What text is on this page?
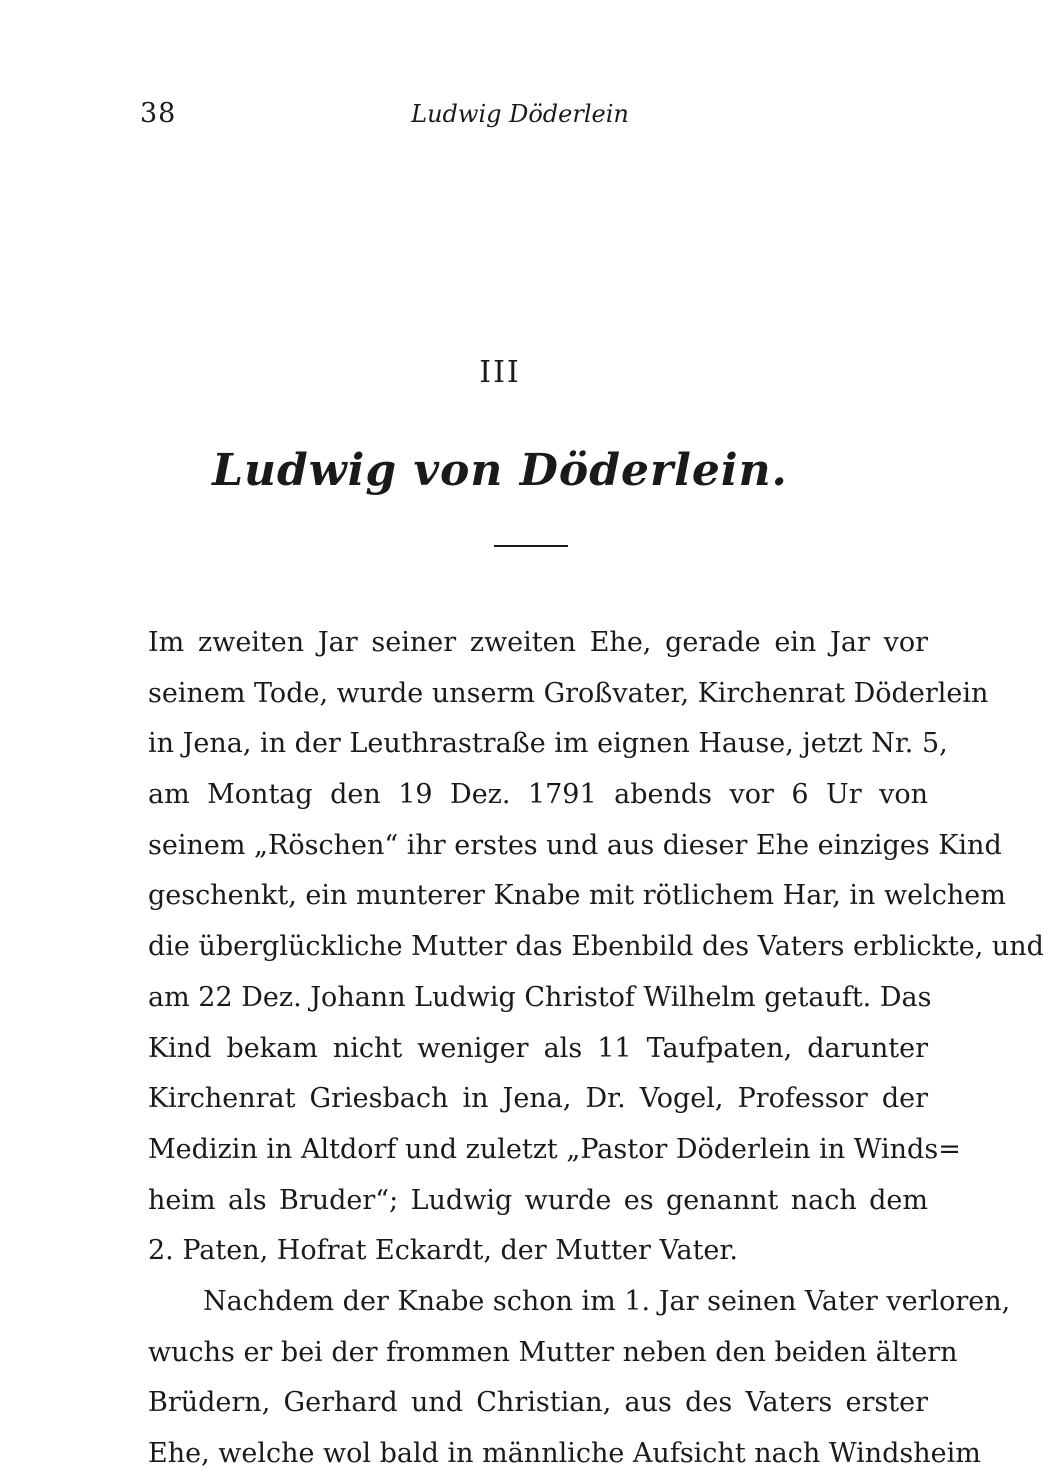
38	Ludwig Döderlein
III
Ludwig von Döderlein.
Im zweiten Jar seiner zweiten Ehe, gerade ein Jar vor
seinem Tode, wurde unserm Großvater, Kirchenrat Döderlein
in Jena, in der Leuthrastraße im eignen Hause, jetzt Nr. 5,
am Montag den 19 Dez. 1791 abends vor 6 Ur von
seinem „Röschen“ ihr erstes und aus dieser Ehe einziges Kind
geschenkt, ein munterer Knabe mit rötlichem Har, in welchem
die überglückliche Mutter das Ebenbild des Vaters erblickte, und
am 22 Dez. Johann Ludwig Christof Wilhelm getauft. Das
Kind bekam nicht weniger als 11 Taufpaten, darunter
Kirchenrat Griesbach in Jena, Dr. Vogel, Professor der
Medizin in Altdorf und zuletzt „Pastor Döderlein in Winds=
heim als Bruder“; Ludwig wurde es genannt nach dem
2. Paten, Hofrat Eckardt, der Mutter Vater.
Nachdem der Knabe schon im 1. Jar seinen Vater verloren,
wuchs er bei der frommen Mutter neben den beiden ältern
Brüdern, Gerhard und Christian, aus des Vaters erster
Ehe, welche wol bald in männliche Aufsicht nach Windsheim
